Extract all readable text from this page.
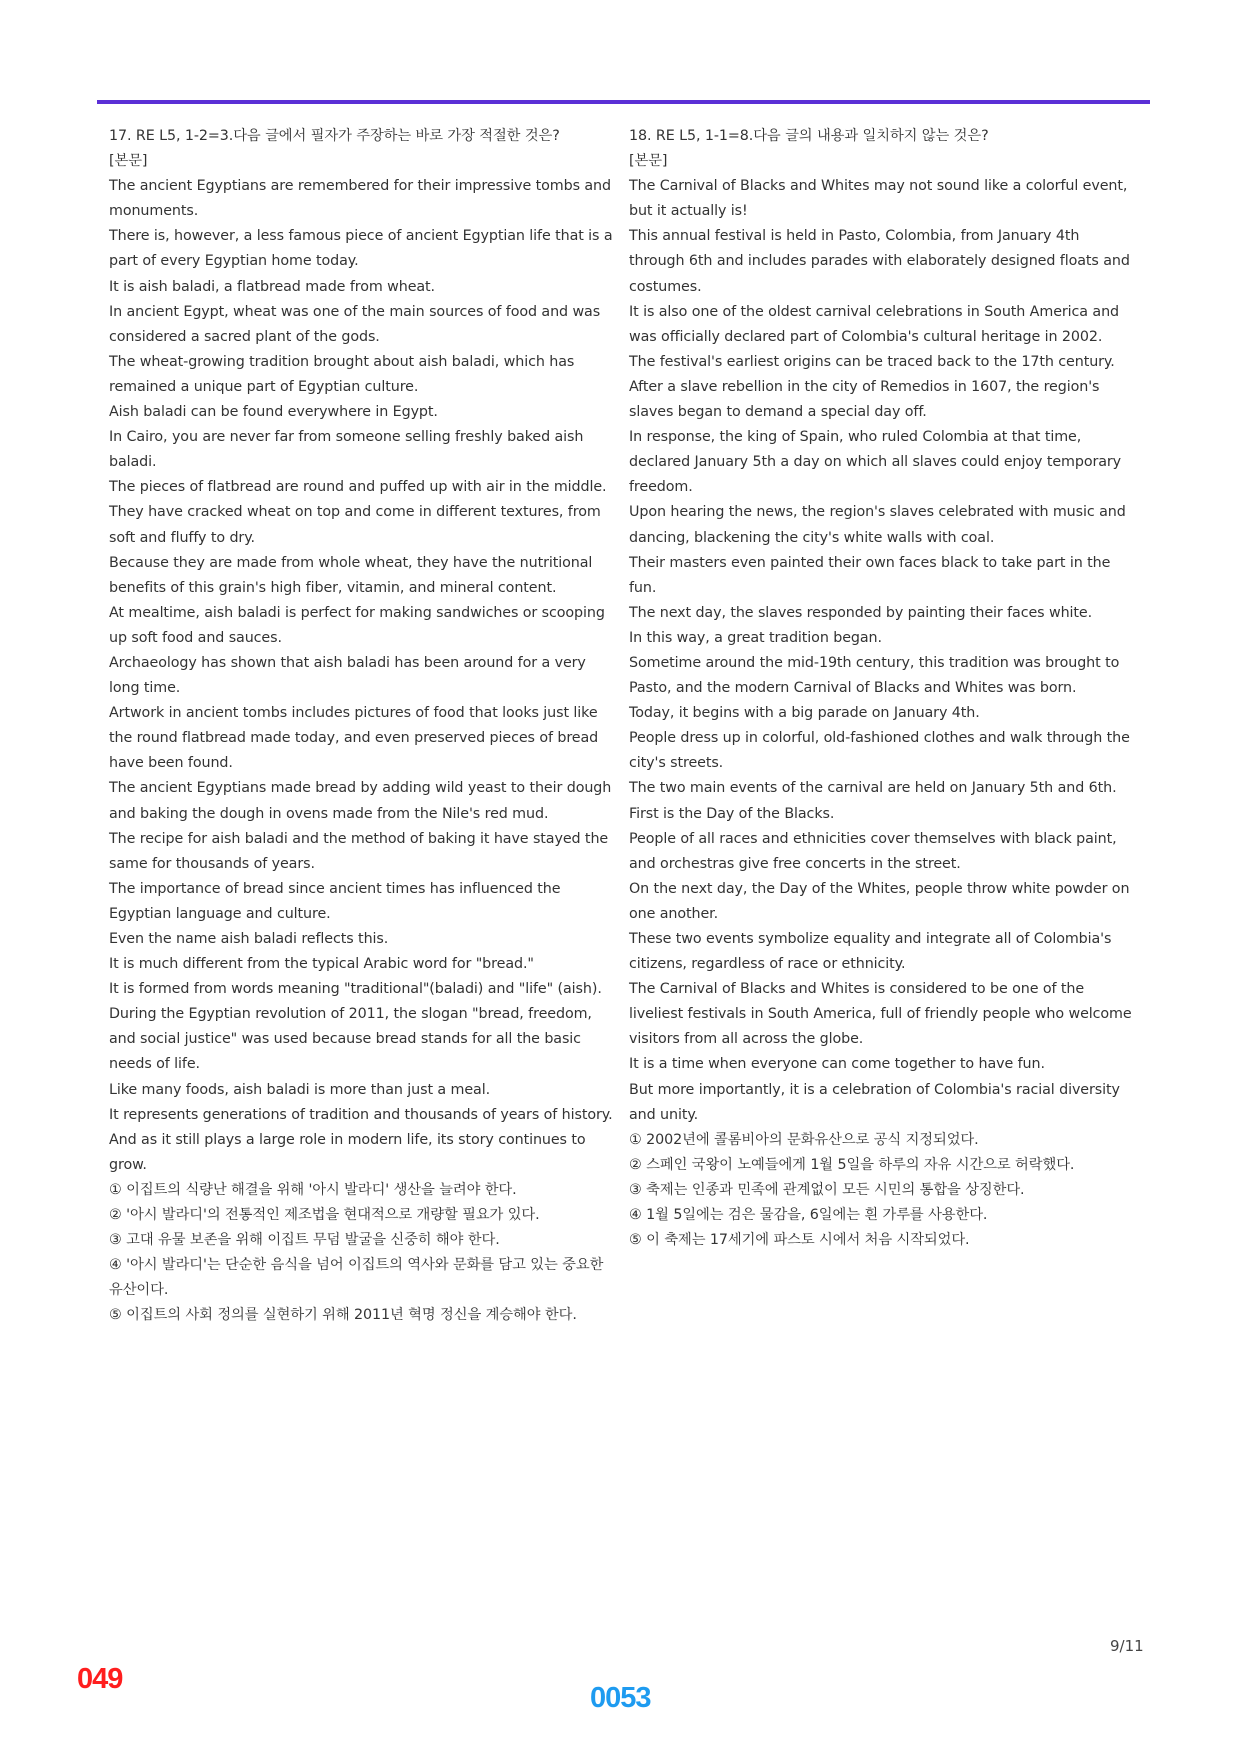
17. RE L5, 1-2=3.다음 글에서 필자가 주장하는 바로 가장 적절한 것은?

[본문]

The ancient Egyptians are remembered for their impressive tombs and monuments.

There is, however, a less famous piece of ancient Egyptian life that is a part of every Egyptian home today.

It is aish baladi, a flatbread made from wheat.

In ancient Egypt, wheat was one of the main sources of food and was considered a sacred plant of the gods.

The wheat-growing tradition brought about aish baladi, which has remained a unique part of Egyptian culture.

Aish baladi can be found everywhere in Egypt.

In Cairo, you are never far from someone selling freshly baked aish baladi.

The pieces of flatbread are round and puffed up with air in the middle.

They have cracked wheat on top and come in different textures, from soft and fluffy to dry.

Because they are made from whole wheat, they have the nutritional benefits of this grain's high fiber, vitamin, and mineral content.

At mealtime, aish baladi is perfect for making sandwiches or scooping up soft food and sauces.

Archaeology has shown that aish baladi has been around for a very long time.

Artwork in ancient tombs includes pictures of food that looks just like the round flatbread made today, and even preserved pieces of bread have been found.

The ancient Egyptians made bread by adding wild yeast to their dough and baking the dough in ovens made from the Nile's red mud.

The recipe for aish baladi and the method of baking it have stayed the same for thousands of years.

The importance of bread since ancient times has influenced the Egyptian language and culture.

Even the name aish baladi reflects this.

It is much different from the typical Arabic word for "bread."

It is formed from words meaning "traditional"(baladi) and "life" (aish).

During the Egyptian revolution of 2011, the slogan "bread, freedom, and social justice" was used because bread stands for all the basic needs of life.

Like many foods, aish baladi is more than just a meal.

It represents generations of tradition and thousands of years of history.

And as it still plays a large role in modern life, its story continues to grow.

① 이집트의 식량난 해결을 위해 '아시 발라디' 생산을 늘려야 한다.

② '아시 발라디'의 전통적인 제조법을 현대적으로 개량할 필요가 있다.

③ 고대 유물 보존을 위해 이집트 무덤 발굴을 신중히 해야 한다.

④ '아시 발라디'는 단순한 음식을 넘어 이집트의 역사와 문화를 담고 있는 중요한 유산이다.

⑤ 이집트의 사회 정의를 실현하기 위해 2011년 혁명 정신을 계승해야 한다.

18. RE L5, 1-1=8.다음 글의 내용과 일치하지 않는 것은?

[본문]

The Carnival of Blacks and Whites may not sound like a colorful event, but it actually is!

This annual festival is held in Pasto, Colombia, from January 4th through 6th and includes parades with elaborately designed floats and costumes.

It is also one of the oldest carnival celebrations in South America and was officially declared part of Colombia's cultural heritage in 2002.

The festival's earliest origins can be traced back to the 17th century.

After a slave rebellion in the city of Remedios in 1607, the region's slaves began to demand a special day off.

In response, the king of Spain, who ruled Colombia at that time, declared January 5th a day on which all slaves could enjoy temporary freedom.

Upon hearing the news, the region's slaves celebrated with music and dancing, blackening the city's white walls with coal.

Their masters even painted their own faces black to take part in the fun.

The next day, the slaves responded by painting their faces white.

In this way, a great tradition began.

Sometime around the mid-19th century, this tradition was brought to Pasto, and the modern Carnival of Blacks and Whites was born.

Today, it begins with a big parade on January 4th.

People dress up in colorful, old-fashioned clothes and walk through the city's streets.

The two main events of the carnival are held on January 5th and 6th.

First is the Day of the Blacks.

People of all races and ethnicities cover themselves with black paint, and orchestras give free concerts in the street.

On the next day, the Day of the Whites, people throw white powder on one another.

These two events symbolize equality and integrate all of Colombia's citizens, regardless of race or ethnicity.

The Carnival of Blacks and Whites is considered to be one of the liveliest festivals in South America, full of friendly people who welcome visitors from all across the globe.

It is a time when everyone can come together to have fun.

But more importantly, it is a celebration of Colombia's racial diversity and unity.

① 2002년에 콜롬비아의 문화유산으로 공식 지정되었다.

② 스페인 국왕이 노예들에게 1월 5일을 하루의 자유 시간으로 허락했다.

③ 축제는 인종과 민족에 관계없이 모든 시민의 통합을 상징한다.

④ 1월 5일에는 검은 물감을, 6일에는 흰 가루를 사용한다.

⑤ 이 축제는 17세기에 파스토 시에서 처음 시작되었다.

9/11
049
0053
